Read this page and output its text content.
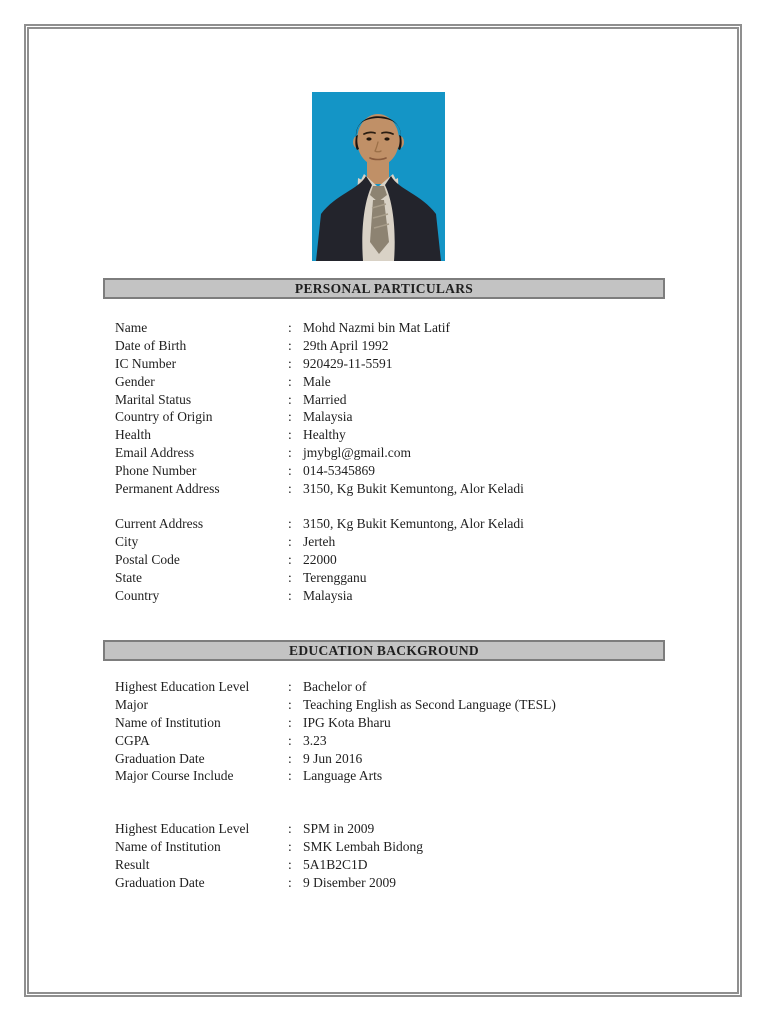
PERSONAL PARTICULARS
Name	: Mohd Nazmi bin Mat Latif
Date of Birth	: 29th April 1992
IC Number	: 920429-11-5591
Gender	: Male
Marital Status	: Married
Country of Origin	: Malaysia
Health	: Healthy
Email Address	: jmybgl@gmail.com
Phone Number	: 014-5345869
Permanent Address	: 3150, Kg Bukit Kemuntong, Alor Keladi
Current Address	: 3150, Kg Bukit Kemuntong, Alor Keladi
City	: Jerteh
Postal Code	: 22000
State	: Terengganu
Country	: Malaysia
EDUCATION BACKGROUND
Highest Education Level	: Bachelor of
Major	: Teaching English as Second Language (TESL)
Name of Institution	: IPG Kota Bharu
CGPA	: 3.23
Graduation Date	: 9 Jun 2016
Major Course Include	: Language Arts
Highest Education Level	: SPM in 2009
Name of Institution	: SMK Lembah Bidong
Result	: 5A1B2C1D
Graduation Date	: 9 Disember 2009
